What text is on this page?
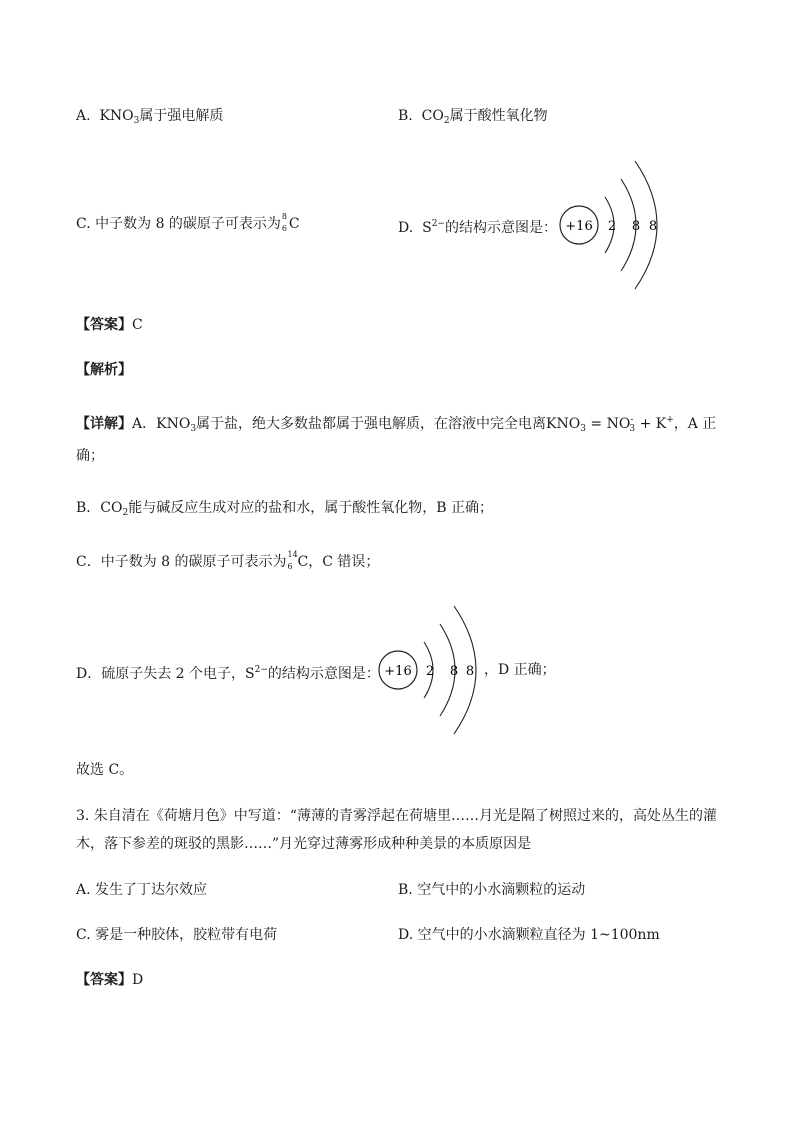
A. $KNO_3$属于强电解质	B. $CO_2$属于酸性氧化物
C. 中子数为 8 的碳原子可表示为 8
6 C	D. $S^{2-}$的结构示意图是： +16 2 8 8
【答案】C
【解析】
【详解】A．$KNO_3$属于盐，绝大多数盐都属于强电解质，在溶液中完全电离$KNO_3 = NO^-_3 + K^+$，A 正
确；
B．$CO_2$能与碱反应生成对应的盐和水，属于酸性氧化物，B 正确；
C．中子数为 8 的碳原子可表示为 14
6 C，C 错误；
D．硫原子失去 2 个电子，$S^{2-}$的结构示意图是： +16 2 8 8 ，D 正确；
故选 C。
3. 朱自清在《荷塘月色》中写道：“薄薄的青雾浮起在荷塘里……月光是隔了树照过来的，高处丛生的灌
木，落下参差的斑驳的黑影……”月光穿过薄雾形成种种美景的本质原因是
A. 发生了丁达尔效应	B. 空气中的小水滴颗粒的运动
C. 雾是一种胶体，胶粒带有电荷	D. 空气中的小水滴颗粒直径为 1~100nm
【答案】D
